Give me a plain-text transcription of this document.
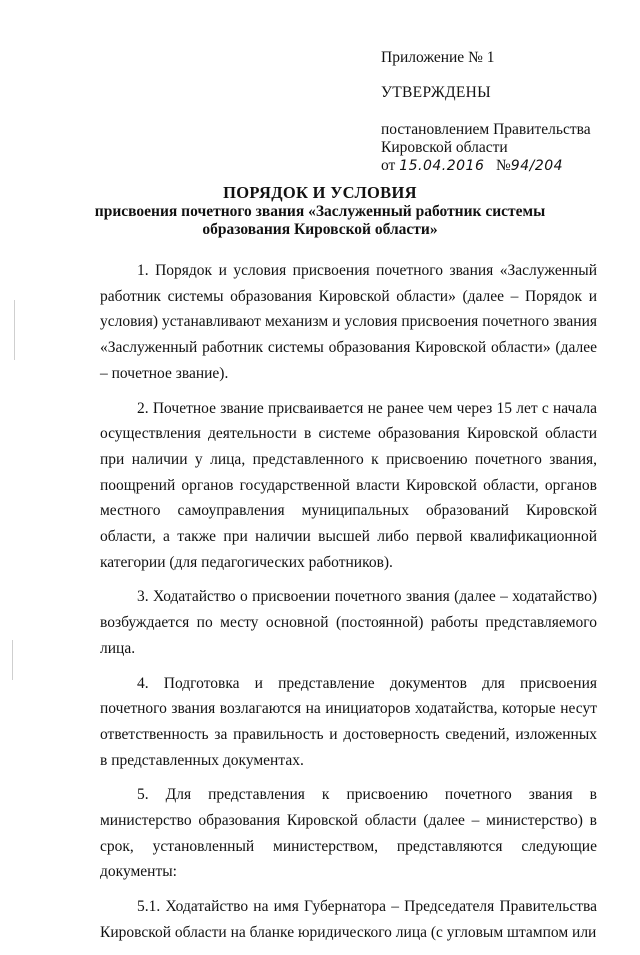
Приложение № 1
УТВЕРЖДЕНЫ
постановлением Правительства
Кировской области
от 15.04.2016 №94/204
ПОРЯДОК И УСЛОВИЯ
присвоения почетного звания «Заслуженный работник системы образования Кировской области»

1. Порядок и условия присвоения почетного звания «Заслуженный работник системы образования Кировской области» (далее – Порядок и условия) устанавливают механизм и условия присвоения почетного звания «Заслуженный работник системы образования Кировской области» (далее – почетное звание).

2. Почетное звание присваивается не ранее чем через 15 лет с начала осуществления деятельности в системе образования Кировской области при наличии у лица, представленного к присвоению почетного звания, поощрений органов государственной власти Кировской области, органов местного самоуправления муниципальных образований Кировской области, а также при наличии высшей либо первой квалификационной категории (для педагогических работников).

3. Ходатайство о присвоении почетного звания (далее – ходатайство) возбуждается по месту основной (постоянной) работы представляемого лица.

4. Подготовка и представление документов для присвоения почетного звания возлагаются на инициаторов ходатайства, которые несут ответственность за правильность и достоверность сведений, изложенных в представленных документах.

5. Для представления к присвоению почетного звания в министерство образования Кировской области (далее – министерство) в срок, установленный министерством, представляются следующие документы:

5.1. Ходатайство на имя Губернатора – Председателя Правительства Кировской области на бланке юридического лица (с угловым штампом или
